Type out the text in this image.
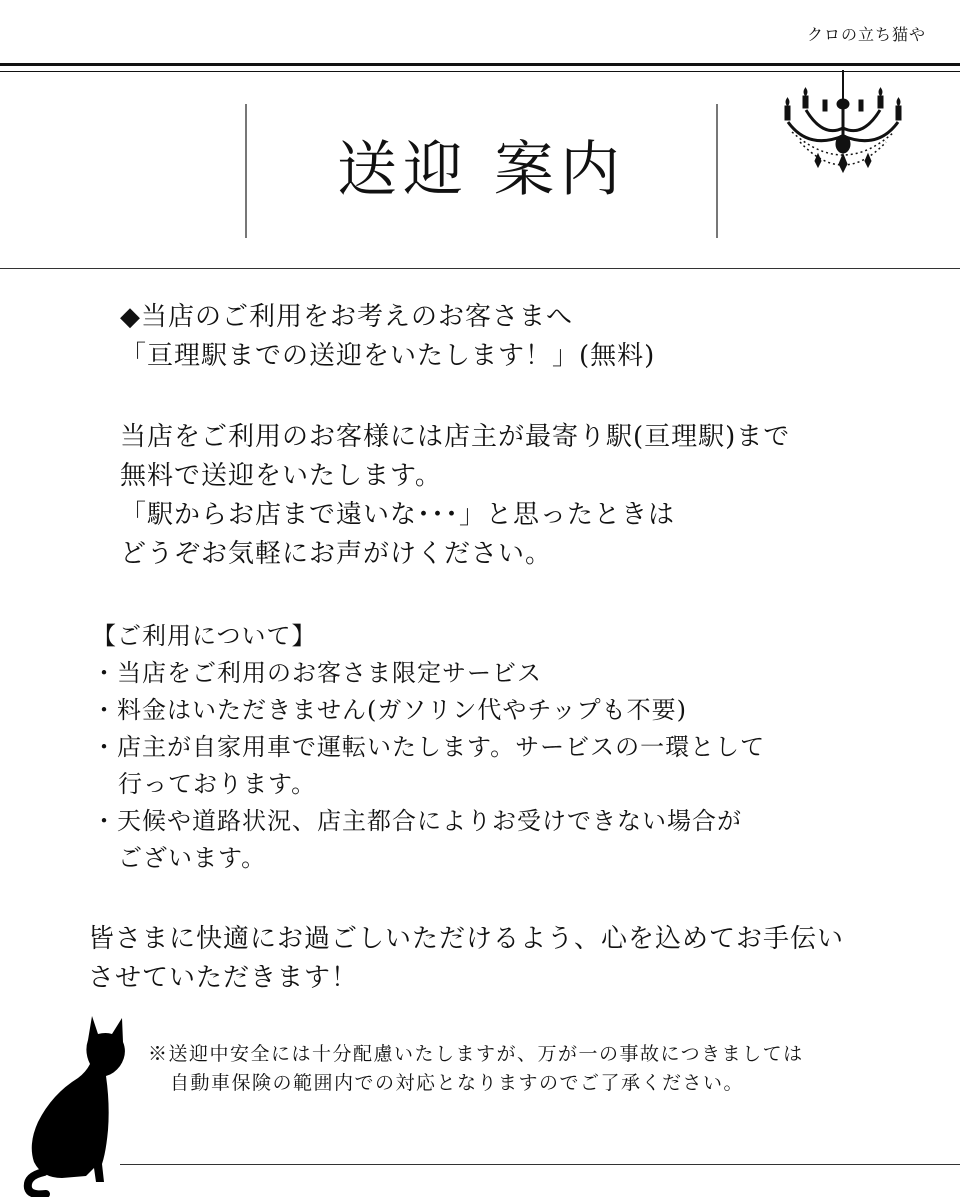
クロの立ち猫や
送迎 案内
◆当店のご利用をお考えのお客さまへ
「亘理駅までの送迎をいたします！」(無料)
当店をご利用のお客様には店主が最寄り駅(亘理駅)まで
無料で送迎をいたします。
「駅からお店まで遠いな･･･」と思ったときは
どうぞお気軽にお声がけください。
【ご利用について】
・当店をご利用のお客さま限定サービス
・料金はいただきません(ガソリン代やチップも不要)
・店主が自家用車で運転いたします。サービスの一環として
行っております。
・天候や道路状況、店主都合によりお受けできない場合が
ございます。
皆さまに快適にお過ごしいただけるよう、心を込めてお手伝い
させていただきます！
※送迎中安全には十分配慮いたしますが、万が一の事故につきましては
自動車保険の範囲内での対応となりますのでご了承ください。
